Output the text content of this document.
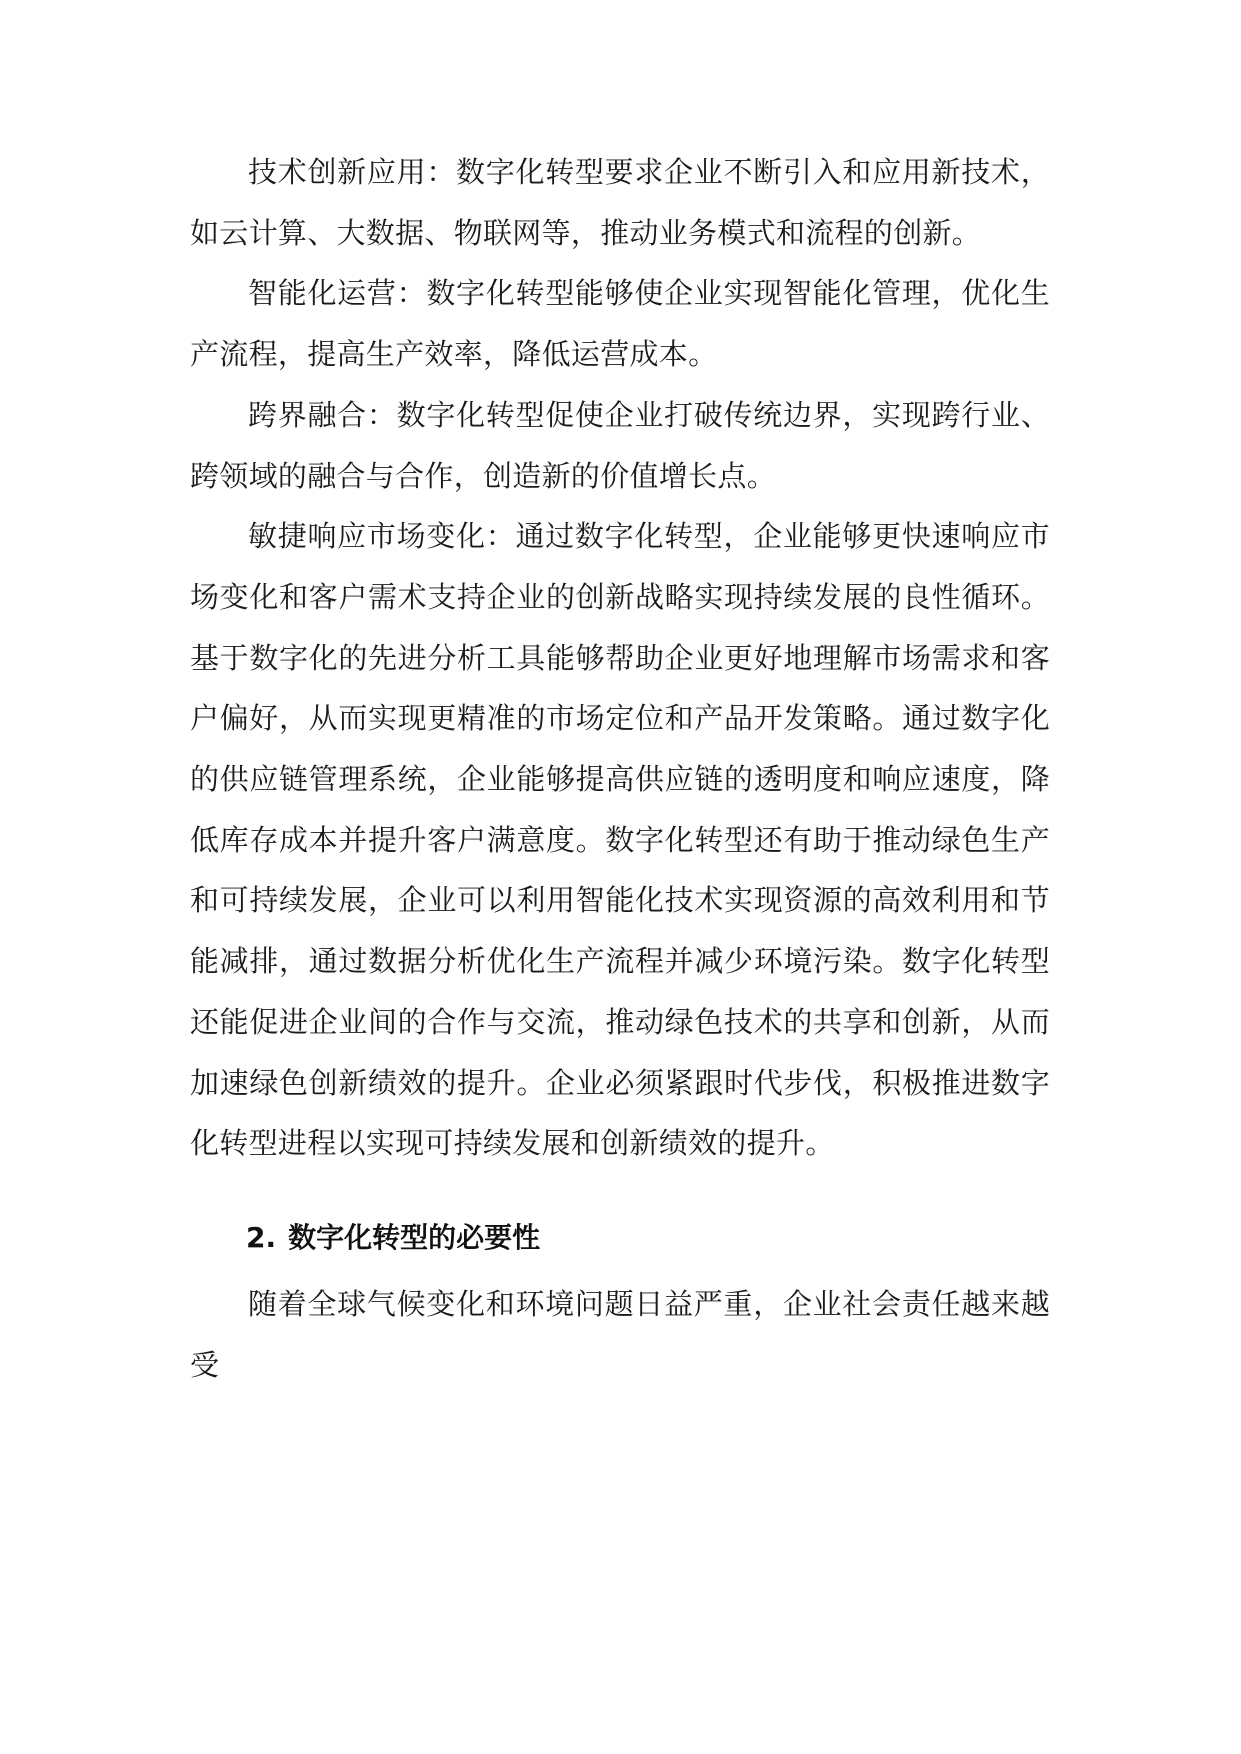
技术创新应用：数字化转型要求企业不断引入和应用新技术，如云计算、大数据、物联网等，推动业务模式和流程的创新。

智能化运营：数字化转型能够使企业实现智能化管理，优化生产流程，提高生产效率，降低运营成本。

跨界融合：数字化转型促使企业打破传统边界，实现跨行业、跨领域的融合与合作，创造新的价值增长点。

敏捷响应市场变化：通过数字化转型，企业能够更快速响应市场变化和客户需术支持企业的创新战略实现持续发展的良性循环。基于数字化的先进分析工具能够帮助企业更好地理解市场需求和客户偏好，从而实现更精准的市场定位和产品开发策略。通过数字化的供应链管理系统，企业能够提高供应链的透明度和响应速度，降低库存成本并提升客户满意度。数字化转型还有助于推动绿色生产和可持续发展，企业可以利用智能化技术实现资源的高效利用和节能减排，通过数据分析优化生产流程并减少环境污染。数字化转型还能促进企业间的合作与交流，推动绿色技术的共享和创新，从而加速绿色创新绩效的提升。企业必须紧跟时代步伐，积极推进数字化转型进程以实现可持续发展和创新绩效的提升。

2. 数字化转型的必要性

随着全球气候变化和环境问题日益严重，企业社会责任越来越受
